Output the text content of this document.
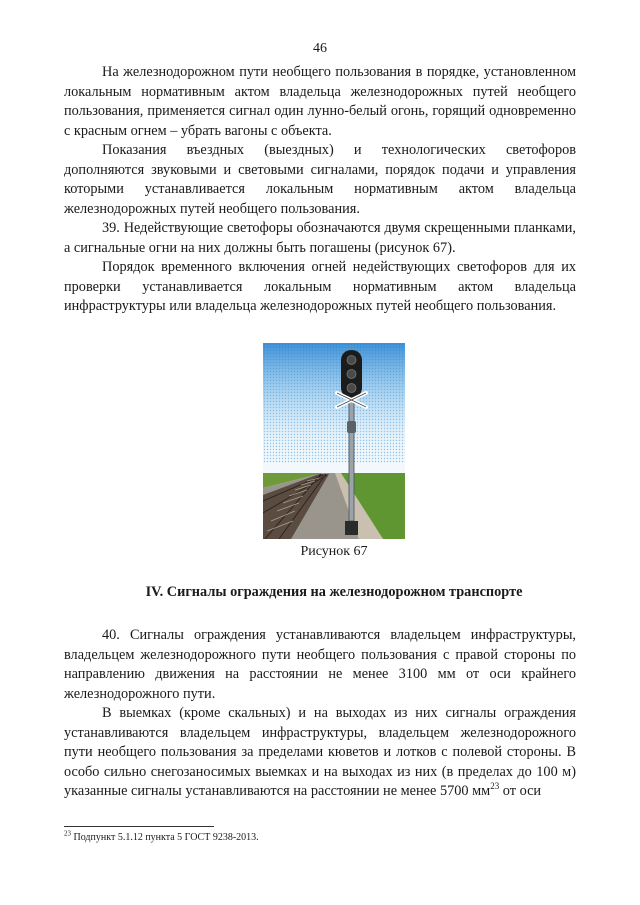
46

На железнодорожном пути необщего пользования в порядке, установленном локальным нормативным актом владельца железнодорожных путей необщего пользования, применяется сигнал один лунно-белый огонь, горящий одновременно с красным огнем – убрать вагоны с объекта.

Показания въездных (выездных) и технологических светофоров дополняются звуковыми и световыми сигналами, порядок подачи и управления которыми устанавливается локальным нормативным актом владельца железнодорожных путей необщего пользования.

39. Недействующие светофоры обозначаются двумя скрещенными планками, а сигнальные огни на них должны быть погашены (рисунок 67).

Порядок временного включения огней недействующих светофоров для их проверки устанавливается локальным нормативным актом владельца инфраструктуры или владельца железнодорожных путей необщего пользования.

Рисунок 67
IV. Сигналы ограждения на железнодорожном транспорте

40. Сигналы ограждения устанавливаются владельцем инфраструктуры, владельцем железнодорожного пути необщего пользования с правой стороны по направлению движения на расстоянии не менее 3100 мм от оси крайнего железнодорожного пути.

В выемках (кроме скальных) и на выходах из них сигналы ограждения устанавливаются владельцем инфраструктуры, владельцем железнодорожного пути необщего пользования за пределами кюветов и лотков с полевой стороны. В особо сильно снегозаносимых выемках и на выходах из них (в пределах до 100 м) указанные сигналы устанавливаются на расстоянии не менее 5700 $мм^{23}$ от оси

$^{23}$ Подпункт 5.1.12 пункта 5 ГОСТ 9238-2013.
